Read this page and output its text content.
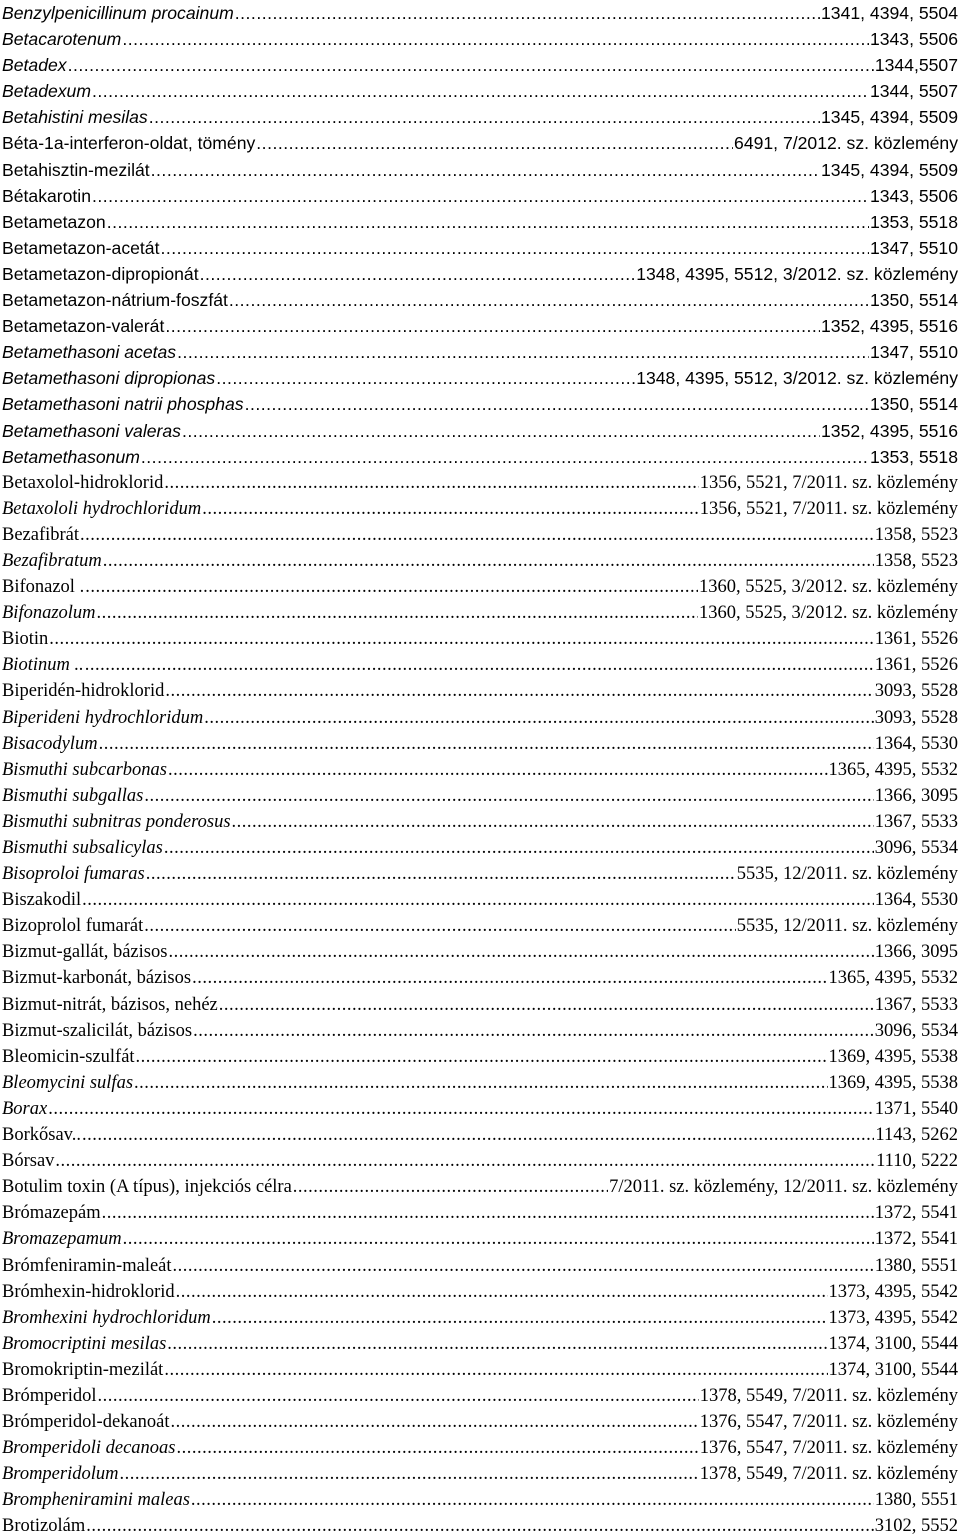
Benzylpenicillinum procainum .....	1341, 4394, 5504
Betacarotenum .....	1343, 5506
Betadex .....	1344,5507
Betadexum .....	1344, 5507
Betahistini mesilas .....	1345, 4394, 5509
Béta-1a-interferon-oldat, tömény .....	6491, 7/2012. sz. közlemény
Betahisztin-mezilát .....	1345, 4394, 5509
Bétakarotin .....	1343, 5506
Betametazon .....	1353, 5518
Betametazon-acetát .....	1347, 5510
Betametazon-dipropionát .....	1348, 4395, 5512, 3/2012. sz. közlemény
Betametazon-nátrium-foszfát .....	1350, 5514
Betametazon-valerát .....	1352, 4395, 5516
Betamethasoni acetas .....	1347, 5510
Betamethasoni dipropionas .....	1348, 4395, 5512, 3/2012. sz. közlemény
Betamethasoni natrii phosphas .....	1350, 5514
Betamethasoni valeras .....	1352, 4395, 5516
Betamethasonum .....	1353, 5518
Betaxolol-hidroklorid .....	1356, 5521, 7/2011. sz. közlemény
Betaxololi hydrochloridum .....	1356, 5521, 7/2011. sz. közlemény
Bezafibrát .....	1358, 5523
Bezafibratum .....	1358, 5523
Bifonazol . .....	1360, 5525, 3/2012. sz. közlemény
Bifonazolum .....	1360, 5525, 3/2012. sz. közlemény
Biotin .....	1361, 5526
Biotinum .. .....	1361, 5526
Biperidén-hidroklorid .....	3093, 5528
Biperideni hydrochloridum .....	3093, 5528
Bisacodylum .....	1364, 5530
Bismuthi subcarbonas .....	1365, 4395, 5532
Bismuthi subgallas .....	1366, 3095
Bismuthi subnitras ponderosus .....	1367, 5533
Bismuthi subsalicylas .....	3096, 5534
Bisoproloi fumaras .....	5535, 12/2011. sz. közlemény
Biszakodil .....	1364, 5530
Bizoprolol fumarát .....	5535, 12/2011. sz. közlemény
Bizmut-gallát, bázisos .....	1366, 3095
Bizmut-karbonát, bázisos .....	1365, 4395, 5532
Bizmut-nitrát, bázisos, nehéz .....	1367, 5533
Bizmut-szalicilát, bázisos .....	3096, 5534
Bleomicin-szulfát .....	1369, 4395, 5538
Bleomycini sulfas .....	1369, 4395, 5538
Borax .....	1371, 5540
Borkősav.. .....	1143, 5262
Bórsav .....	1110, 5222
Botulim toxin (A típus), injekciós célra .....	7/2011. sz. közlemény, 12/2011. sz. közlemény
Brómazepám .....	1372, 5541
Bromazepamum .....	1372, 5541
Brómfeniramin-maleát .....	1380, 5551
Brómhexin-hidroklorid .....	1373, 4395, 5542
Bromhexini hydrochloridum .....	1373, 4395, 5542
Bromocriptini mesilas .....	1374, 3100, 5544
Bromokriptin-mezilát .....	1374, 3100, 5544
Brómperidol .....	1378, 5549, 7/2011. sz. közlemény
Brómperidol-dekanoát .....	1376, 5547, 7/2011. sz. közlemény
Bromperidoli decanoas .....	1376, 5547, 7/2011. sz. közlemény
Bromperidolum .....	1378, 5549, 7/2011. sz. közlemény
Brompheniramini maleas .....	1380, 5551
Brotizolám .....	3102, 5552
